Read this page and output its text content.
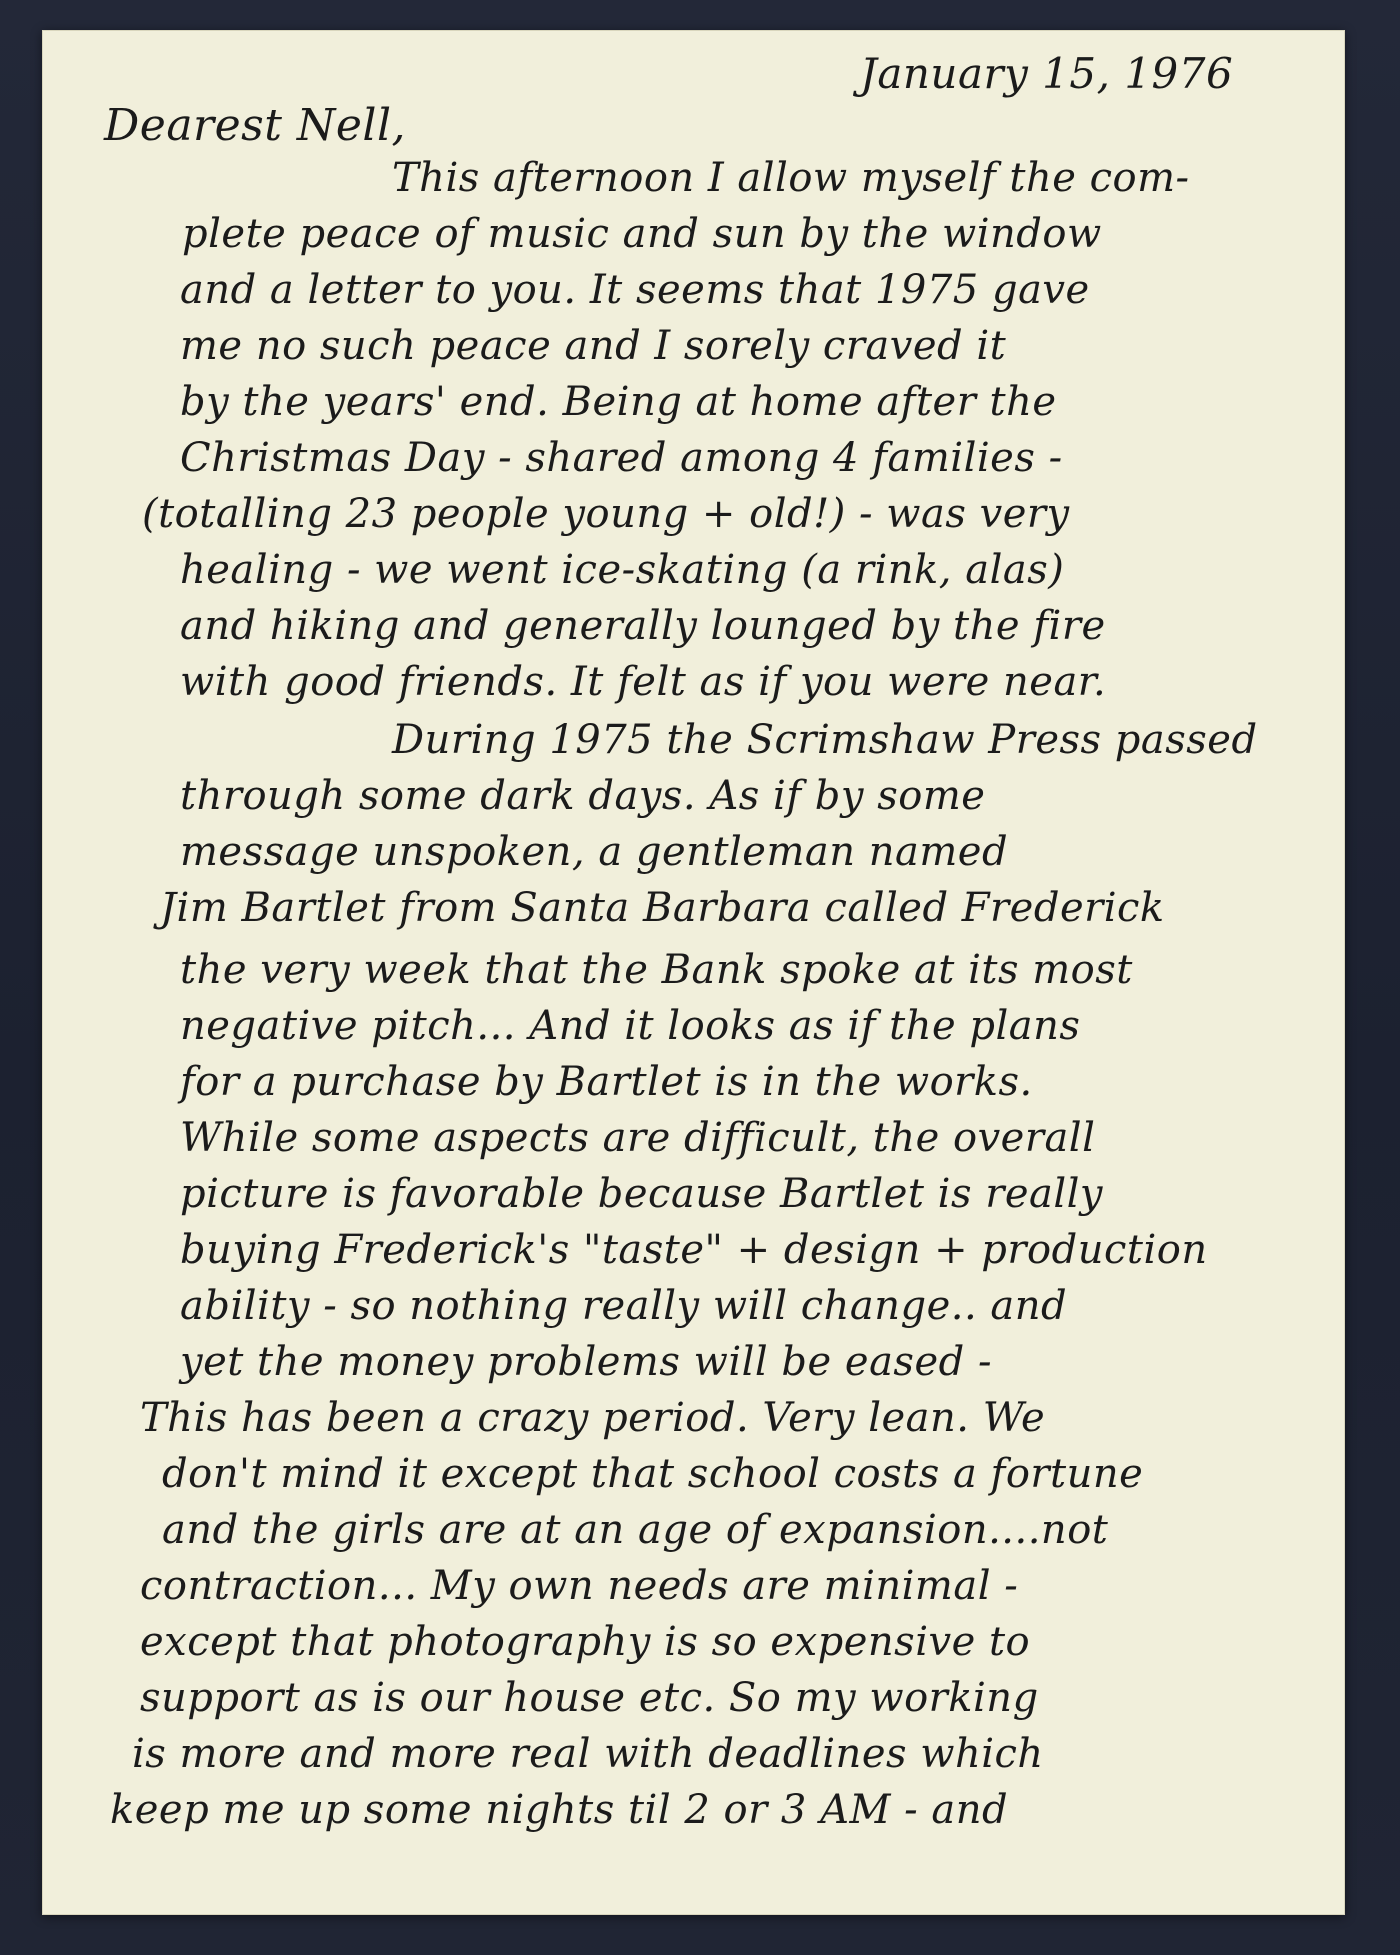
January 15, 1976
Dearest Nell,
This afternoon I allow myself the com-
plete peace of music and sun by the window
and a letter to you. It seems that 1975 gave
me no such peace and I sorely craved it
by the years' end. Being at home after the
Christmas Day - shared among 4 families -
(totalling 23 people young + old!) - was very
healing - we went ice-skating (a rink, alas)
and hiking and generally lounged by the fire
with good friends. It felt as if you were near.
During 1975 the Scrimshaw Press passed
through some dark days. As if by some
message unspoken, a gentleman named
Jim Bartlet from Santa Barbara called Frederick
the very week that the Bank spoke at its most
negative pitch... And it looks as if the plans
for a purchase by Bartlet is in the works.
While some aspects are difficult, the overall
picture is favorable because Bartlet is really
buying Frederick's "taste" + design + production
ability - so nothing really will change.. and
yet the money problems will be eased -
This has been a crazy period. Very lean. We
don't mind it except that school costs a fortune
and the girls are at an age of expansion....not
contraction... My own needs are minimal -
except that photography is so expensive to
support as is our house etc. So my working
is more and more real with deadlines which
keep me up some nights til 2 or 3 AM - and
